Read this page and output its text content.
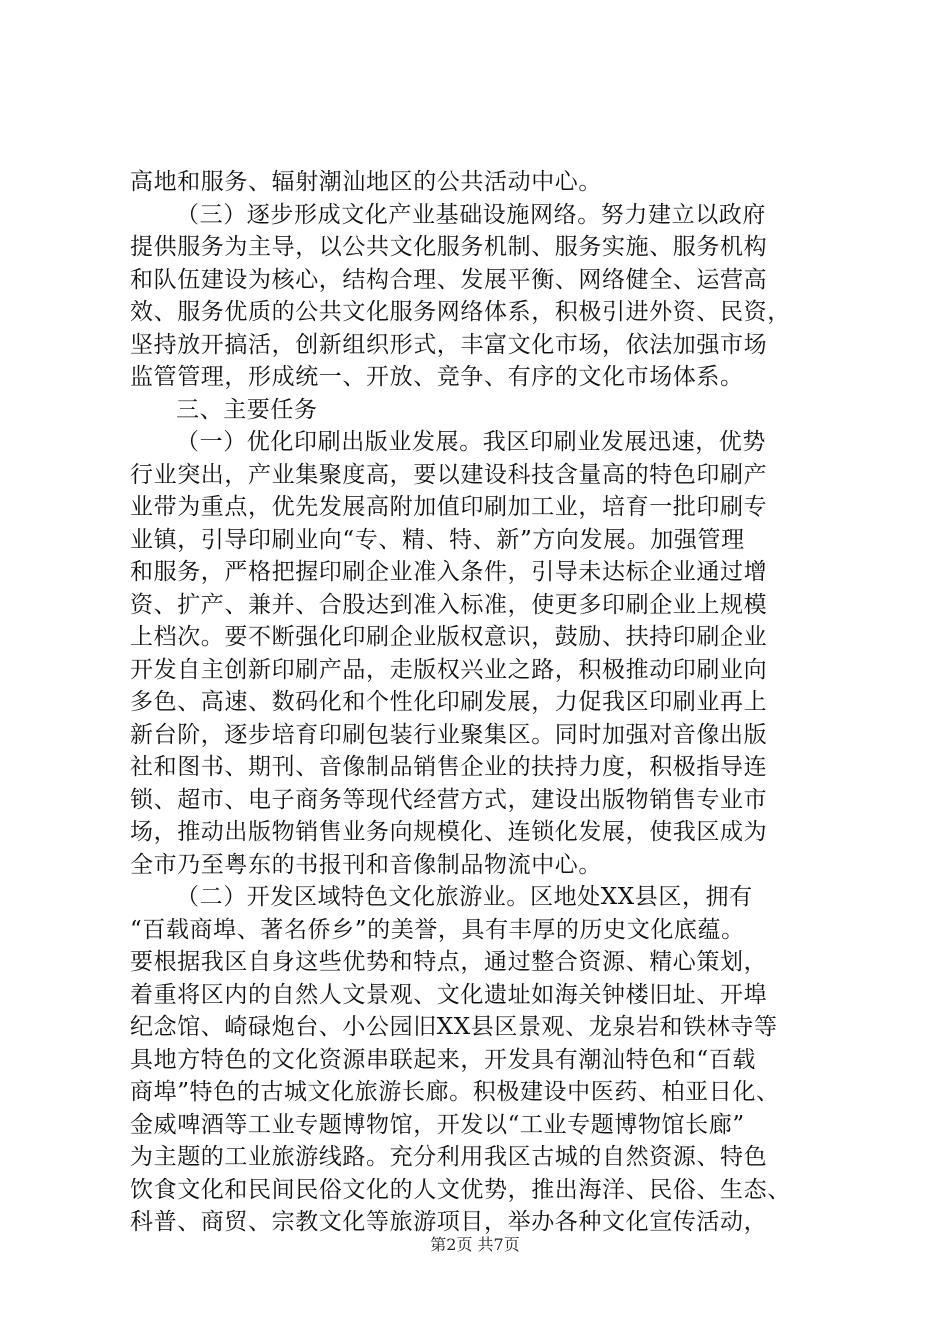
高地和服务、辐射潮汕地区的公共活动中心。
（三）逐步形成文化产业基础设施网络。努力建立以政府
提供服务为主导，以公共文化服务机制、服务实施、服务机构
和队伍建设为核心，结构合理、发展平衡、网络健全、运营高
效、服务优质的公共文化服务网络体系，积极引进外资、民资，
坚持放开搞活，创新组织形式，丰富文化市场，依法加强市场
监管管理，形成统一、开放、竞争、有序的文化市场体系。
三、主要任务
（一）优化印刷出版业发展。我区印刷业发展迅速，优势
行业突出，产业集聚度高，要以建设科技含量高的特色印刷产
业带为重点，优先发展高附加值印刷加工业，培育一批印刷专
业镇，引导印刷业向“专、精、特、新”方向发展。加强管理
和服务，严格把握印刷企业准入条件，引导未达标企业通过增
资、扩产、兼并、合股达到准入标准，使更多印刷企业上规模
上档次。要不断强化印刷企业版权意识，鼓励、扶持印刷企业
开发自主创新印刷产品，走版权兴业之路，积极推动印刷业向
多色、高速、数码化和个性化印刷发展，力促我区印刷业再上
新台阶，逐步培育印刷包装行业聚集区。同时加强对音像出版
社和图书、期刊、音像制品销售企业的扶持力度，积极指导连
锁、超市、电子商务等现代经营方式，建设出版物销售专业市
场，推动出版物销售业务向规模化、连锁化发展，使我区成为
全市乃至粤东的书报刊和音像制品物流中心。
（二）开发区域特色文化旅游业。区地处XX县区，拥有
“百载商埠、著名侨乡”的美誉，具有丰厚的历史文化底蕴。
要根据我区自身这些优势和特点，通过整合资源、精心策划，
着重将区内的自然人文景观、文化遗址如海关钟楼旧址、开埠
纪念馆、崎碌炮台、小公园旧XX县区景观、龙泉岩和铁林寺等
具地方特色的文化资源串联起来，开发具有潮汕特色和“百载
商埠”特色的古城文化旅游长廊。积极建设中医药、柏亚日化、
金威啤酒等工业专题博物馆，开发以“工业专题博物馆长廊”
为主题的工业旅游线路。充分利用我区古城的自然资源、特色
饮食文化和民间民俗文化的人文优势，推出海洋、民俗、生态、
科普、商贸、宗教文化等旅游项目，举办各种文化宣传活动，
第2页 共7页
